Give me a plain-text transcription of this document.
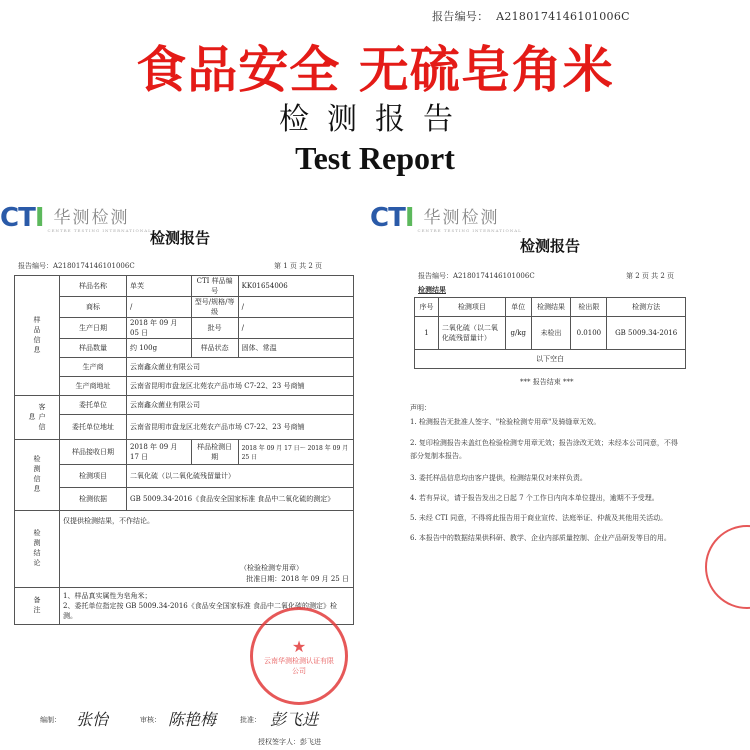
报告编号： A2180174146101006C
食品安全 无硫皂角米
检测报告
Test Report
CTI 华测检测
CENTRE TESTING INTERNATIONAL
检测报告
报告编号：A2180174146101006C	第 1 页 共 2 页
样品信息	样品名称	单芙	CTI 样品编号	KK01654006
	商标	/	型号/规格/等级	/
	生产日期	2018 年 09 月 05 日	批号	/
	样品数量	约 100g	样品状态	固体、常温
	生产商	云南鑫众菌业有限公司		
	生产商地址	云南省昆明市盘龙区北苑农产品市场 C7-22、23 号商铺		
客户信息	委托单位	云南鑫众菌业有限公司		
	委托单位地址	云南省昆明市盘龙区北苑农产品市场 C7-22、23 号商铺		
检测信息	样品接收日期	2018 年 09 月 17 日	样品检测日期	2018 年 09 月 17 日～ 2018 年 09 月 25 日
	检测项目	二氧化硫（以二氧化硫残留量计）		
	检测依据	GB 5009.34-2016《食品安全国家标准 食品中二氧化硫的测定》		
检测结论	仅提供检测结果，不作结论。
（检验检测专用章）
批准日期：2018 年 09 月 25 日			

备注	1、样品真实属性为皂角米；
2、委托单位指定按 GB 5009.34-2016《食品安全国家标准 食品中二氧化硫的测定》检测。			
★
云南华测检测认证有限公司
编制： 张怡	审核： 陈艳梅	批准： 彭飞进
授权签字人：彭飞进
CTI 华测检测
CENTRE TESTING INTERNATIONAL
检测报告
报告编号：A2180174146101006C	第 2 页 共 2 页
检测结果
序号	检测项目	单位	检测结果	检出限	检测方法
1	二氧化硫（以二氧化硫残留量计）	g/kg	未检出	0.0100	GB 5009.34-2016
以下空白					
*** 报告结束 ***
声明：
1. 检测报告无批准人签字、"检验检测专用章"及骑缝章无效。
2. 复印检测报告未盖红色检验检测专用章无效；报告涂改无效；未经本公司同意，不得部分复制本报告。
3. 委托样品信息均由客户提供，检测结果仅对来样负责。
4. 若有异议，请于报告发出之日起 7 个工作日内向本单位提出，逾期不予受理。
5. 未经 CTI 同意，不得将此报告用于商业宣传、法庭举证、仲裁及其他用关活动。
6. 本报告中的数据结果供科研、教学、企业内部质量控制、企业产品研发等目的用。
